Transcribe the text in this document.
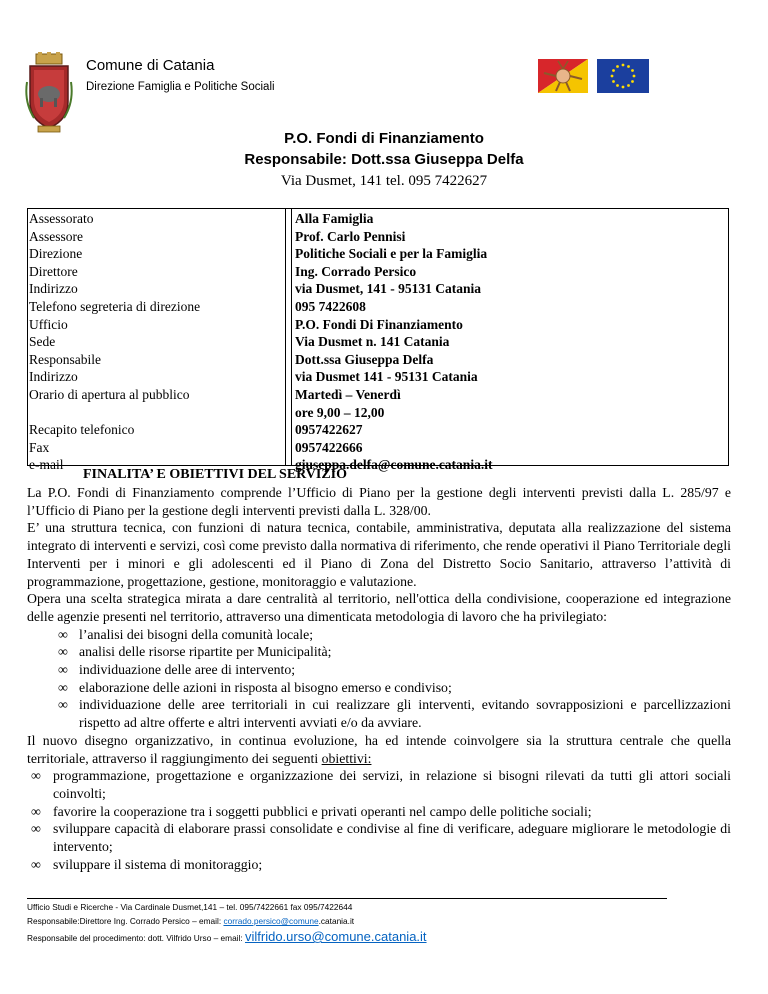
Comune di Catania
Direzione Famiglia e Politiche Sociali
P.O. Fondi di Finanziamento
Responsabile: Dott.ssa Giuseppa Delfa
Via Dusmet, 141 tel. 095 7422627
Assessorato
Assessore
Direzione
Direttore
Indirizzo
Telefono segreteria di direzione
Ufficio
Sede
Responsabile
Indirizzo
Orario di apertura al pubblico
Recapito telefonico
Fax
e-mail
Alla Famiglia
Prof. Carlo Pennisi
Politiche Sociali e per la Famiglia
Ing. Corrado Persico
via Dusmet, 141 - 95131 Catania
095 7422608
P.O. Fondi Di Finanziamento
Via Dusmet n. 141 Catania
Dott.ssa Giuseppa Delfa
via Dusmet 141 - 95131 Catania
Martedì – Venerdì
ore 9,00 – 12,00
0957422627
0957422666
giuseppa.delfa@comune.catania.it
FINALITA’ E OBIETTIVI DEL SERVIZIO

La P.O. Fondi di Finanziamento comprende l’Ufficio di Piano per la gestione degli interventi previsti dalla L. 285/97 e l’Ufficio di Piano per la gestione degli interventi previsti dalla L. 328/00.

E’ una struttura tecnica, con funzioni di natura tecnica, contabile, amministrativa, deputata alla realizzazione del sistema integrato di interventi e servizi, così come previsto dalla normativa di riferimento, che rende operativi il Piano Territoriale degli Interventi per i minori e gli adolescenti ed il Piano di Zona del Distretto Socio Sanitario, attraverso l’attività di programmazione, progettazione, gestione, monitoraggio e valutazione.

Opera una scelta strategica mirata a dare centralità al territorio, nell'ottica della condivisione, cooperazione ed integrazione delle agenzie presenti nel territorio, attraverso una dimenticata metodologia di lavoro che ha privilegiato:

∞ l’analisi dei bisogni della comunità locale;
∞ analisi delle risorse ripartite per Municipalità;
∞ individuazione delle aree di intervento;
∞ elaborazione delle azioni in risposta al bisogno emerso e condiviso;
∞ individuazione delle aree territoriali in cui realizzare gli interventi, evitando sovrapposizioni e parcellizzazioni rispetto ad altre offerte e altri interventi avviati e/o da avviare.

Il nuovo disegno organizzativo, in continua evoluzione, ha ed intende coinvolgere sia la struttura centrale che quella territoriale, attraverso il raggiungimento dei seguenti obiettivi:

∞ programmazione, progettazione e organizzazione dei servizi, in relazione si bisogni rilevati da tutti gli attori sociali coinvolti;
∞ favorire la cooperazione tra i soggetti pubblici e privati operanti nel campo delle politiche sociali;
∞ sviluppare capacità di elaborare prassi consolidate e condivise al fine di verificare, adeguare migliorare le metodologie di intervento;
∞ sviluppare il sistema di monitoraggio;
Ufficio Studi e Ricerche - Via Cardinale Dusmet,141 – tel. 095/7422661 fax 095/7422644
Responsabile:Direttore Ing. Corrado Persico – email: corrado.persico@comune.catania.it
Responsabile del procedimento: dott. Vilfrido Urso – email: vilfrido.urso@comune.catania.it
